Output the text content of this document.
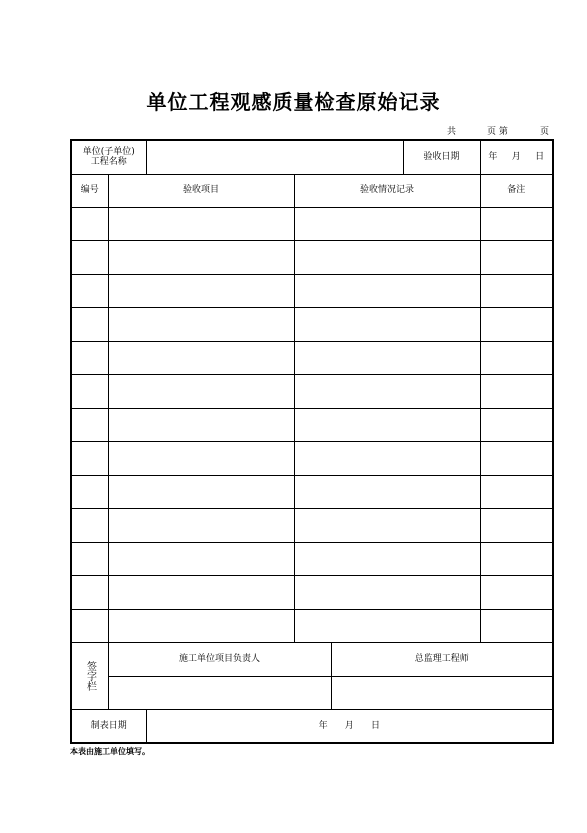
单位工程观感质量检查原始记录
共	页 第	页
单位(子单位)
工程名称					验收日期	年 月 日
编号	验收项目		验收情况记录			备注

签字栏	施工单位项目负责人			总监理工程师		

制表日期		年 月 日				
本表由施工单位填写。
